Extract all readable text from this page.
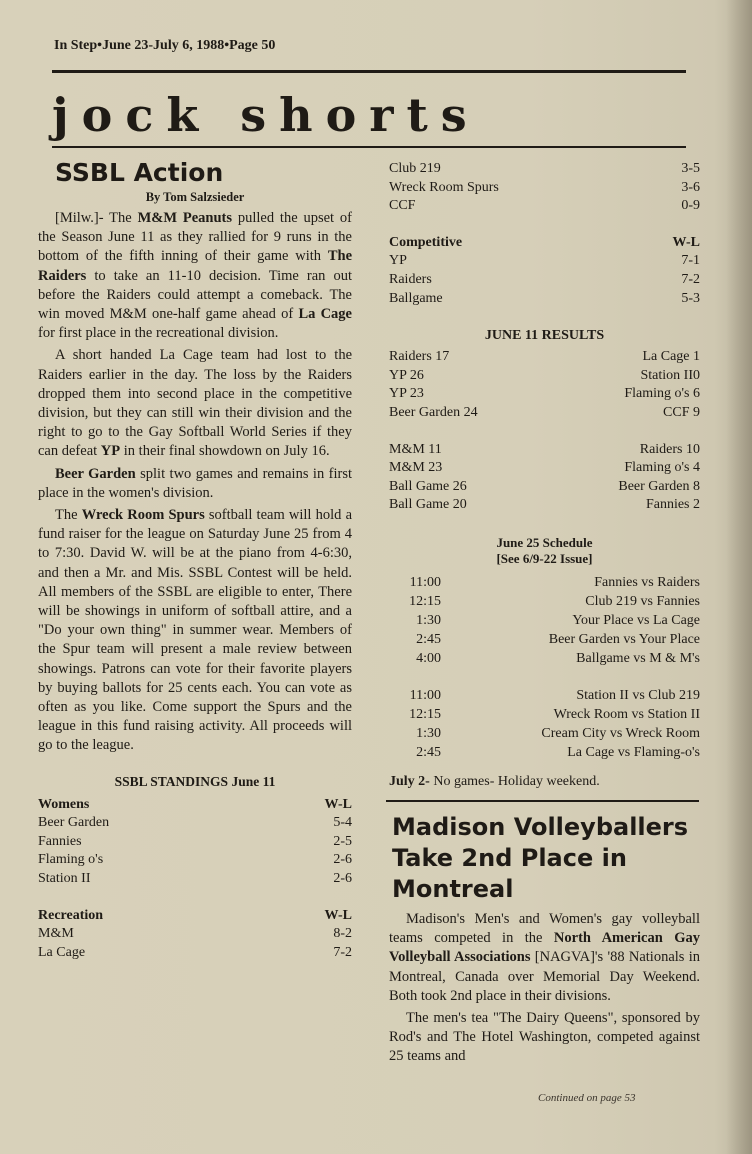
In Step•June 23-July 6, 1988•Page 50
jock shorts
SSBL Action
By Tom Salzsieder
[Milw.]- The M&M Peanuts pulled the upset of the Season June 11 as they rallied for 9 runs in the bottom of the fifth inning of their game with The Raiders to take an 11-10 decision. Time ran out before the Raiders could attempt a comeback. The win moved M&M one-half game ahead of La Cage for first place in the recreational division.
A short handed La Cage team had lost to the Raiders earlier in the day. The loss by the Raiders dropped them into second place in the competitive division, but they can still win their division and the right to go to the Gay Softball World Series if they can defeat YP in their final showdown on July 16.
Beer Garden split two games and remains in first place in the women's division.
The Wreck Room Spurs softball team will hold a fund raiser for the league on Saturday June 25 from 4 to 7:30. David W. will be at the piano from 4-6:30, and then a Mr. and Mis. SSBL Contest will be held. All members of the SSBL are eligible to enter, There will be showings in uniform of softball attire, and a "Do your own thing" in summer wear. Members of the Spur team will present a male review between showings. Patrons can vote for their favorite players by buying ballots for 25 cents each. You can vote as often as you like. Come support the Spurs and the league in this fund raising activity. All proceeds will go to the league.
SSBL STANDINGS June 11
Womens	W-L
Beer Garden	5-4
Fannies	2-5
Flaming o's	2-6
Station II	2-6
Recreation	W-L
M&M	8-2
La Cage	7-2
Club 219	3-5
Wreck Room Spurs	3-6
CCF	0-9
Competitive	W-L
YP	7-1
Raiders	7-2
Ballgame	5-3
JUNE 11 RESULTS
Raiders 17	La Cage 1
YP 26	Station II0
YP 23	Flaming o's 6
Beer Garden 24	CCF 9
M&M 11	Raiders 10
M&M 23	Flaming o's 4
Ball Game 26	Beer Garden 8
Ball Game 20	Fannies 2
June 25 Schedule
[See 6/9-22 Issue]
11:00	Fannies vs Raiders
12:15	Club 219 vs Fannies
1:30	Your Place vs La Cage
2:45	Beer Garden vs Your Place
4:00	Ballgame vs M & M's
11:00	Station II vs Club 219
12:15	Wreck Room vs Station II
1:30	Cream City vs Wreck Room
2:45	La Cage vs Flaming-o's
July 2- No games- Holiday weekend.
Madison Volleyballers Take 2nd Place in Montreal
Madison's Men's and Women's gay volleyball teams competed in the North American Gay Volleyball Associations [NAGVA]'s '88 Nationals in Montreal, Canada over Memorial Day Weekend. Both took 2nd place in their divisions.
The men's tea "The Dairy Queens", sponsored by Rod's and The Hotel Washington, competed against 25 teams and
Continued on page 53
